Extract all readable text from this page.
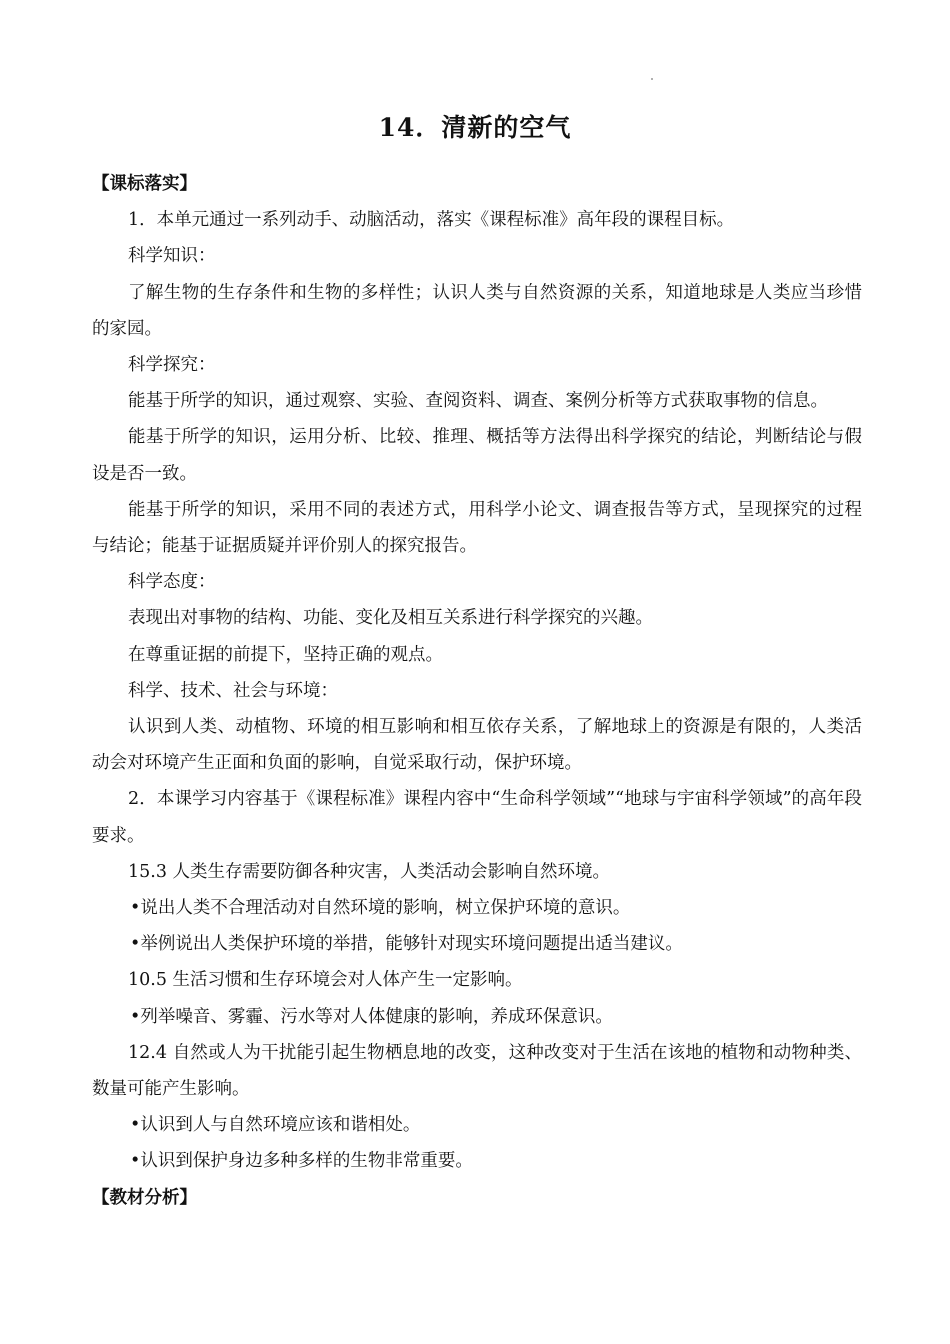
14．清新的空气

【课标落实】

1．本单元通过一系列动手、动脑活动，落实《课程标准》高年段的课程目标。

科学知识：

了解生物的生存条件和生物的多样性；认识人类与自然资源的关系，知道地球是人类应当珍惜的家园。

科学探究：

能基于所学的知识，通过观察、实验、查阅资料、调查、案例分析等方式获取事物的信息。

能基于所学的知识，运用分析、比较、推理、概括等方法得出科学探究的结论，判断结论与假设是否一致。

能基于所学的知识，采用不同的表述方式，用科学小论文、调查报告等方式，呈现探究的过程与结论；能基于证据质疑并评价别人的探究报告。

科学态度：

表现出对事物的结构、功能、变化及相互关系进行科学探究的兴趣。

在尊重证据的前提下，坚持正确的观点。

科学、技术、社会与环境：

认识到人类、动植物、环境的相互影响和相互依存关系，了解地球上的资源是有限的，人类活动会对环境产生正面和负面的影响，自觉采取行动，保护环境。

2．本课学习内容基于《课程标准》课程内容中“生命科学领域”“地球与宇宙科学领域”的高年段要求。

15.3 人类生存需要防御各种灾害，人类活动会影响自然环境。

•说出人类不合理活动对自然环境的影响，树立保护环境的意识。

•举例说出人类保护环境的举措，能够针对现实环境问题提出适当建议。

10.5 生活习惯和生存环境会对人体产生一定影响。

•列举噪音、雾霾、污水等对人体健康的影响，养成环保意识。

12.4 自然或人为干扰能引起生物栖息地的改变，这种改变对于生活在该地的植物和动物种类、数量可能产生影响。

•认识到人与自然环境应该和谐相处。

•认识到保护身边多种多样的生物非常重要。

【教材分析】
